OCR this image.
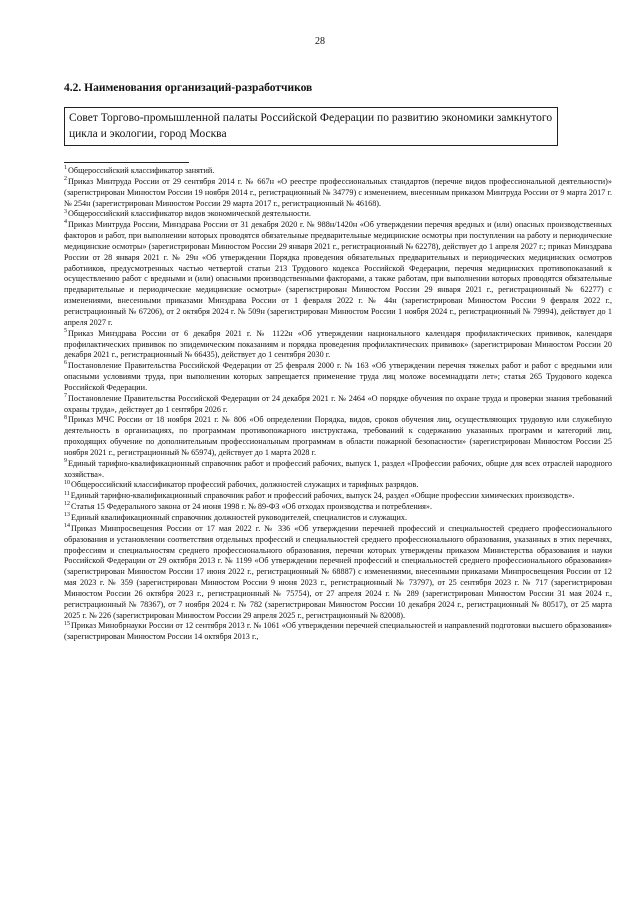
28
4.2. Наименования организаций-разработчиков
Совет Торгово-промышленной палаты Российской Федерации по развитию экономики замкнутого цикла и экологии, город Москва

$^1$Общероссийский классификатор занятий.

$^2$Приказ Минтруда России от 29 сентября 2014 г. № 667н «О реестре профессиональных стандартов (перечне видов профессиональной деятельности)» (зарегистрирован Минюстом России 19 ноября 2014 г., регистрационный № 34779) с изменением, внесенным приказом Минтруда России от 9 марта 2017 г. № 254н (зарегистрирован Минюстом России 29 марта 2017 г., регистрационный № 46168).

$^3$Общероссийский классификатор видов экономической деятельности.

$^4$Приказ Минтруда России, Минздрава России от 31 декабря 2020 г. № 988н/1420н «Об утверждении перечня вредных и (или) опасных производственных факторов и работ, при выполнении которых проводятся обязательные предварительные медицинские осмотры при поступлении на работу и периодические медицинские осмотры» (зарегистрирован Минюстом России 29 января 2021 г., регистрационный № 62278), действует до 1 апреля 2027 г.; приказ Минздрава России от 28 января 2021 г. № 29н «Об утверждении Порядка проведения обязательных предварительных и периодических медицинских осмотров работников, предусмотренных частью четвертой статьи 213 Трудового кодекса Российской Федерации, перечня медицинских противопоказаний к осуществлению работ с вредными и (или) опасными производственными факторами, а также работам, при выполнении которых проводятся обязательные предварительные и периодические медицинские осмотры» (зарегистрирован Минюстом России 29 января 2021 г., регистрационный № 62277) с изменениями, внесенными приказами Минздрава России от 1 февраля 2022 г. № 44н (зарегистрирован Минюстом России 9 февраля 2022 г., регистрационный № 67206), от 2 октября 2024 г. № 509н (зарегистрирован Минюстом России 1 ноября 2024 г., регистрационный № 79994), действует до 1 апреля 2027 г.

$^5$Приказ Минздрава России от 6 декабря 2021 г. № 1122н «Об утверждении национального календаря профилактических прививок, календаря профилактических прививок по эпидемическим показаниям и порядка проведения профилактических прививок» (зарегистрирован Минюстом России 20 декабря 2021 г., регистрационный № 66435), действует до 1 сентября 2030 г.

$^6$Постановление Правительства Российской Федерации от 25 февраля 2000 г. № 163 «Об утверждении перечня тяжелых работ и работ с вредными или опасными условиями труда, при выполнении которых запрещается применение труда лиц моложе восемнадцати лет»; статья 265 Трудового кодекса Российской Федерации.

$^7$Постановление Правительства Российской Федерации от 24 декабря 2021 г. № 2464 «О порядке обучения по охране труда и проверки знания требований охраны труда», действует до 1 сентября 2026 г.

$^8$Приказ МЧС России от 18 ноября 2021 г. № 806 «Об определении Порядка, видов, сроков обучения лиц, осуществляющих трудовую или служебную деятельность в организациях, по программам противопожарного инструктажа, требований к содержанию указанных программ и категорий лиц, проходящих обучение по дополнительным профессиональным программам в области пожарной безопасности» (зарегистрирован Минюстом России 25 ноября 2021 г., регистрационный № 65974), действует до 1 марта 2028 г.

$^9$Единый тарифно-квалификационный справочник работ и профессий рабочих, выпуск 1, раздел «Профессии рабочих, общие для всех отраслей народного хозяйства».

$^{10}$Общероссийский классификатор профессий рабочих, должностей служащих и тарифных разрядов.

$^{11}$Единый тарифно-квалификационный справочник работ и профессий рабочих, выпуск 24, раздел «Общие профессии химических производств».

$^{12}$Статья 15 Федерального закона от 24 июня 1998 г. № 89-ФЗ «Об отходах производства и потребления».

$^{13}$Единый квалификационный справочник должностей руководителей, специалистов и служащих.

$^{14}$Приказ Минпросвещения России от 17 мая 2022 г. № 336 «Об утверждении перечней профессий и специальностей среднего профессионального образования и установлении соответствия отдельных профессий и специальностей среднего профессионального образования, указанных в этих перечнях, профессиям и специальностям среднего профессионального образования, перечни которых утверждены приказом Министерства образования и науки Российской Федерации от 29 октября 2013 г. № 1199 «Об утверждении перечней профессий и специальностей среднего профессионального образования» (зарегистрирован Минюстом России 17 июня 2022 г., регистрационный № 68887) с изменениями, внесенными приказами Минпросвещения России от 12 мая 2023 г. № 359 (зарегистрирован Минюстом России 9 июня 2023 г., регистрационный № 73797), от 25 сентября 2023 г. № 717 (зарегистрирован Минюстом России 26 октября 2023 г., регистрационный № 75754), от 27 апреля 2024 г. № 289 (зарегистрирован Минюстом России 31 мая 2024 г., регистрационный № 78367), от 7 ноября 2024 г. № 782 (зарегистрирован Минюстом России 10 декабря 2024 г., регистрационный № 80517), от 25 марта 2025 г. № 226 (зарегистрирован Минюстом России 29 апреля 2025 г., регистрационный № 82008).

$^{15}$Приказ Минобрнауки России от 12 сентября 2013 г. № 1061 «Об утверждении перечней специальностей и направлений подготовки высшего образования» (зарегистрирован Минюстом России 14 октября 2013 г.,
